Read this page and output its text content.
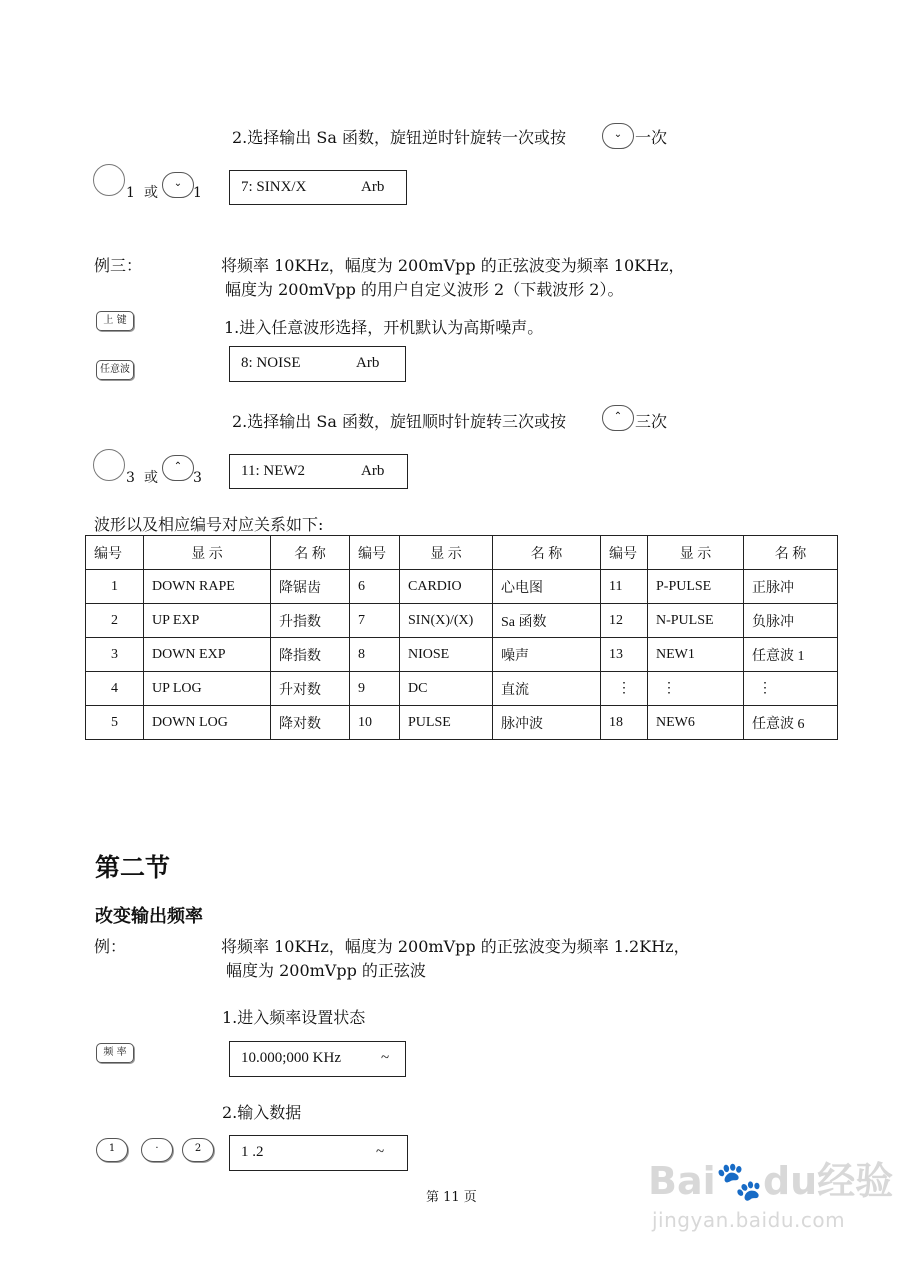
2.选择输出 Sa 函数，旋钮逆时针旋转一次或按	⌄ 一次
1 或
⌄
1	7: SINX/X	Arb
例三：	将频率 10KHz，幅度为 200mVpp 的正弦波变为频率 10KHz，
幅度为 200mVpp 的用户自定义波形 2（下载波形 2）。
上 键	1.进入任意波形选择，开机默认为高斯噪声。
任意波	8: NOISE	Arb
2.选择输出 Sa 函数，旋钮顺时针旋转三次或按	⌃ 三次
3 或
⌃
3	11: NEW2	Arb
波形以及相应编号对应关系如下:
编号	显 示	名 称	编号	显 示	名 称	编号	显 示	名 称
1	DOWN RAPE	降锯齿	6	CARDIO	心电图	11	P-PULSE	正脉冲
2	UP EXP	升指数	7	SIN(X)/(X)	Sa 函数	12	N-PULSE	负脉冲
3	DOWN EXP	降指数	8	NIOSE	噪声	13	NEW1	任意波 1
4	UP LOG	升对数	9	DC	直流	⋮	⋮	⋮
5	DOWN LOG	降对数	10	PULSE	脉冲波	18	NEW6	任意波 6
第二节
改变输出频率
例：	将频率 10KHz，幅度为 200mVpp 的正弦波变为频率 1.2KHz，
幅度为 200mVpp 的正弦波
1.进入频率设置状态
频 率	10.000;000 KHz	~
2.输入数据
1	·	2	1 .2	~
第 11 页	Bai🐾du经验
jingyan.baidu.com
